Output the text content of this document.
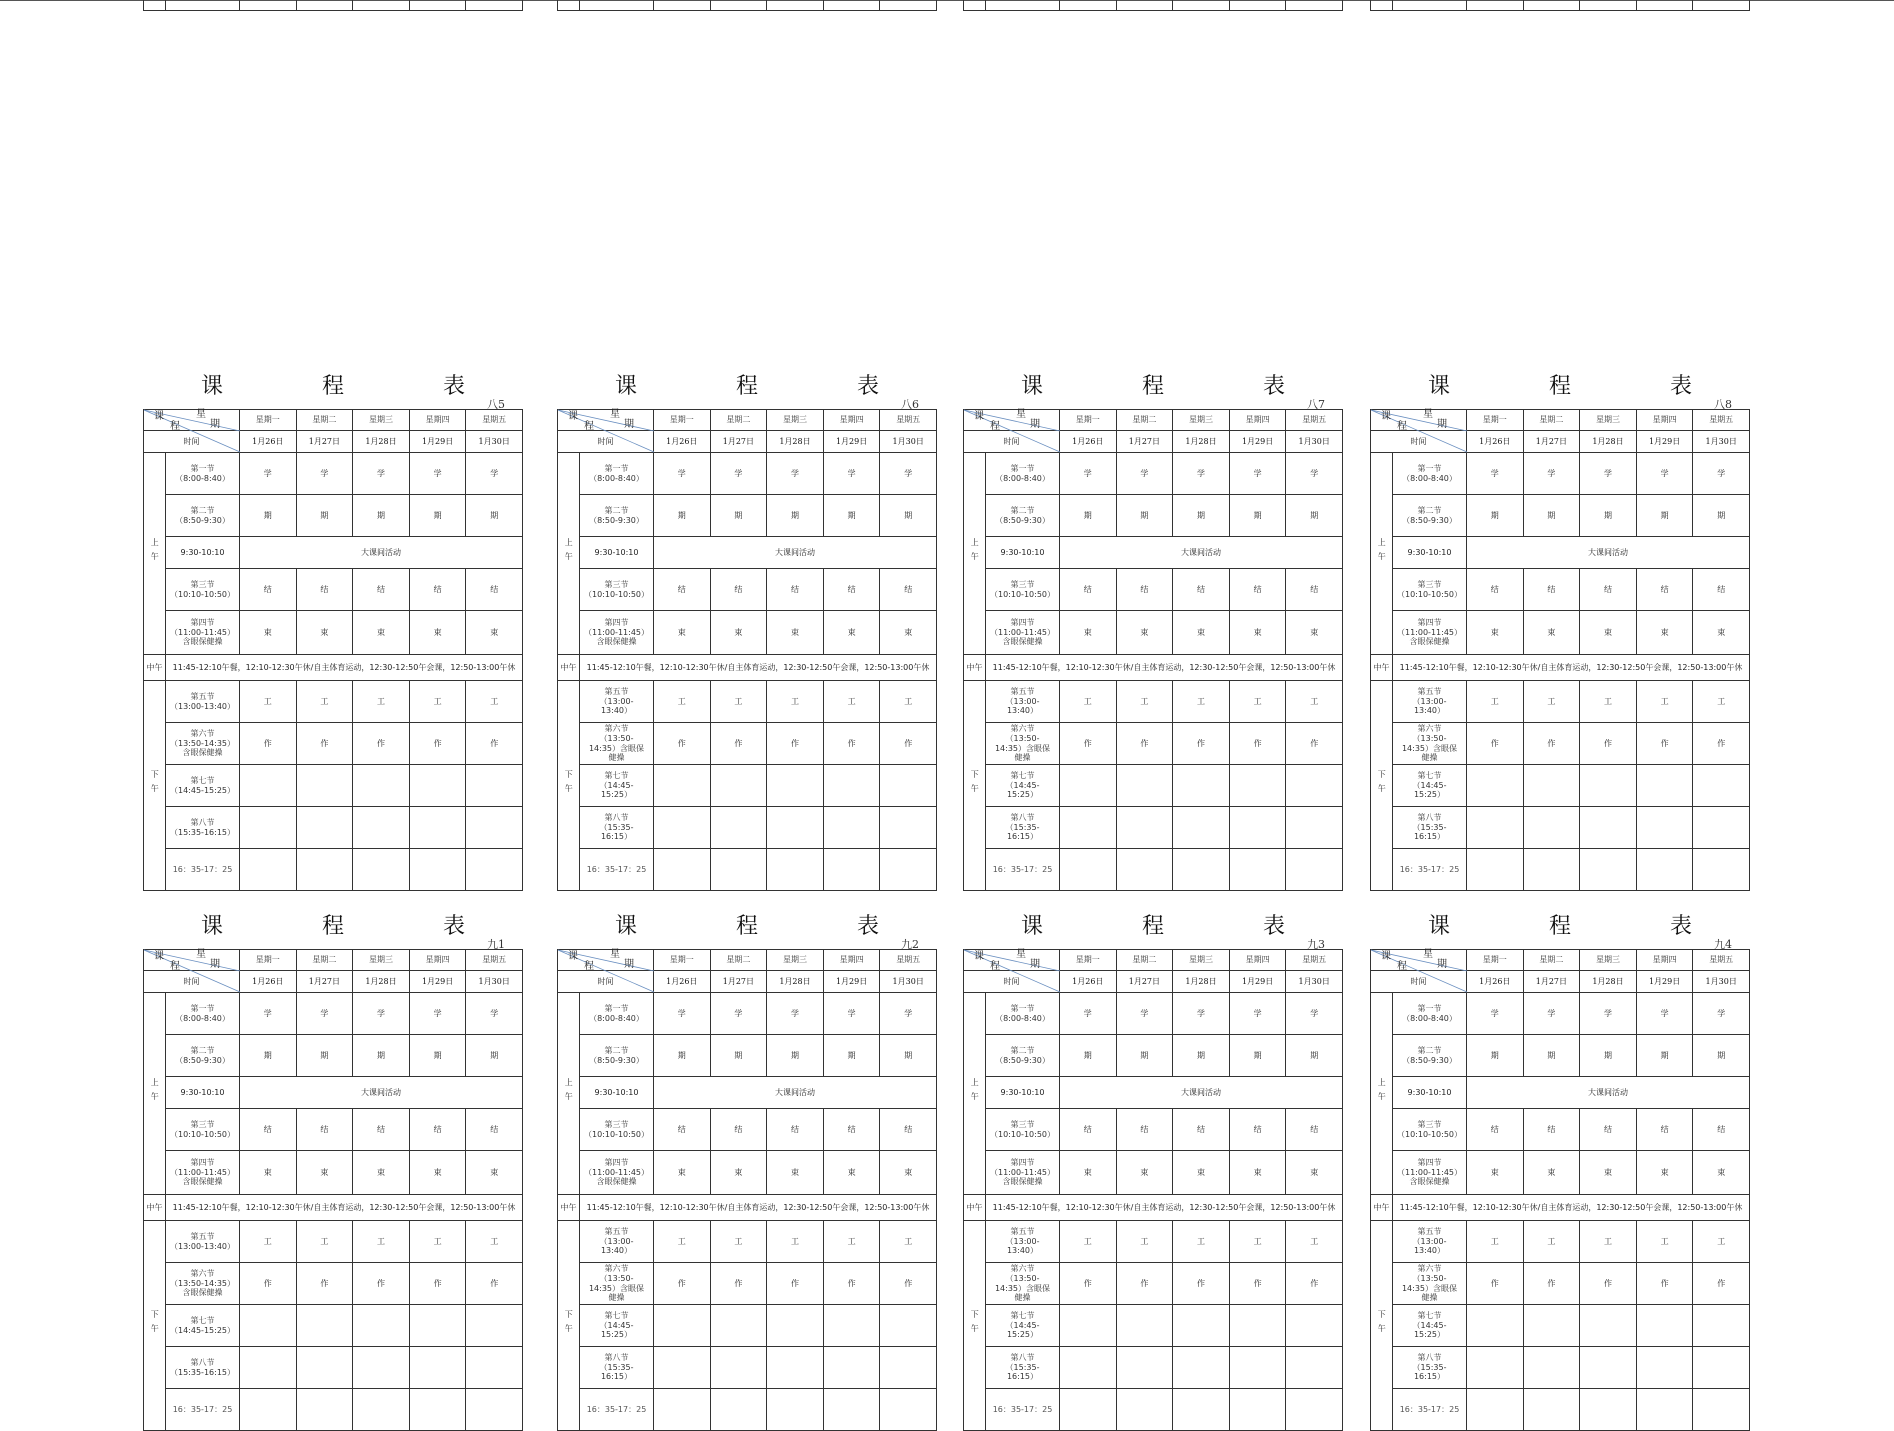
课 程 表
八5
课 星
程 期		星期一	星期二	星期三	星期四	星期五
时间		1月26日	1月27日	1月28日	1月29日	1月30日
上午	第一节
（8:00-8:40）	学	学	学	学	学
	第二节
（8:50-9:30）	期	期	期	期	期
	9:30-10:10	大课间活动				
	第三节
（10:10-10:50）	结	结	结	结	结
	第四节
（11:00-11:45）
含眼保健操	束	束	束	束	束
中午	11:45-12:10午餐，12:10-12:30午休/自主体育运动，12:30-12:50午会课，12:50-13:00午休					
下午	第五节
（13:00-13:40）	工	工	工	工	工
	第六节
（13:50-14:35）
含眼保健操	作	作	作	作	作
	第七节
（14:45-15:25）					
	第八节
（15:35-16:15）					
	16：35-17：25					
课 程 表
八6
课 星
程 期		星期一	星期二	星期三	星期四	星期五
时间		1月26日	1月27日	1月28日	1月29日	1月30日
上午	第一节
（8:00-8:40）	学	学	学	学	学
	第二节
（8:50-9:30）	期	期	期	期	期
	9:30-10:10	大课间活动				
	第三节
（10:10-10:50）	结	结	结	结	结
	第四节
（11:00-11:45）
含眼保健操	束	束	束	束	束
中午	11:45-12:10午餐，12:10-12:30午休/自主体育运动，12:30-12:50午会课，12:50-13:00午休					
下午	第五节
（13:00-
13:40）	工	工	工	工	工
	第六节
（13:50-
14:35）含眼保
健操	作	作	作	作	作
	第七节
（14:45-
15:25）					
	第八节
（15:35-
16:15）					
	16：35-17：25					
课 程 表
八7
课 星
程 期		星期一	星期二	星期三	星期四	星期五
时间		1月26日	1月27日	1月28日	1月29日	1月30日
上午	第一节
（8:00-8:40）	学	学	学	学	学
	第二节
（8:50-9:30）	期	期	期	期	期
	9:30-10:10	大课间活动				
	第三节
（10:10-10:50）	结	结	结	结	结
	第四节
（11:00-11:45）
含眼保健操	束	束	束	束	束
中午	11:45-12:10午餐，12:10-12:30午休/自主体育运动，12:30-12:50午会课，12:50-13:00午休					
下午	第五节
（13:00-
13:40）	工	工	工	工	工
	第六节
（13:50-
14:35）含眼保
健操	作	作	作	作	作
	第七节
（14:45-
15:25）					
	第八节
（15:35-
16:15）					
	16：35-17：25					
课 程 表
八8
课 星
程 期		星期一	星期二	星期三	星期四	星期五
时间		1月26日	1月27日	1月28日	1月29日	1月30日
上午	第一节
（8:00-8:40）	学	学	学	学	学
	第二节
（8:50-9:30）	期	期	期	期	期
	9:30-10:10	大课间活动				
	第三节
（10:10-10:50）	结	结	结	结	结
	第四节
（11:00-11:45）
含眼保健操	束	束	束	束	束
中午	11:45-12:10午餐，12:10-12:30午休/自主体育运动，12:30-12:50午会课，12:50-13:00午休					
下午	第五节
（13:00-
13:40）	工	工	工	工	工
	第六节
（13:50-
14:35）含眼保
健操	作	作	作	作	作
	第七节
（14:45-
15:25）					
	第八节
（15:35-
16:15）					
	16：35-17：25					
课 程 表
九1
课 星
程 期		星期一	星期二	星期三	星期四	星期五
时间		1月26日	1月27日	1月28日	1月29日	1月30日
上午	第一节
（8:00-8:40）	学	学	学	学	学
	第二节
（8:50-9:30）	期	期	期	期	期
	9:30-10:10	大课间活动				
	第三节
（10:10-10:50）	结	结	结	结	结
	第四节
（11:00-11:45）
含眼保健操	束	束	束	束	束
中午	11:45-12:10午餐，12:10-12:30午休/自主体育运动，12:30-12:50午会课，12:50-13:00午休					
下午	第五节
（13:00-13:40）	工	工	工	工	工
	第六节
（13:50-14:35）
含眼保健操	作	作	作	作	作
	第七节
（14:45-15:25）					
	第八节
（15:35-16:15）					
	16：35-17：25					
课 程 表
九2
课 星
程 期		星期一	星期二	星期三	星期四	星期五
时间		1月26日	1月27日	1月28日	1月29日	1月30日
上午	第一节
（8:00-8:40）	学	学	学	学	学
	第二节
（8:50-9:30）	期	期	期	期	期
	9:30-10:10	大课间活动				
	第三节
（10:10-10:50）	结	结	结	结	结
	第四节
（11:00-11:45）
含眼保健操	束	束	束	束	束
中午	11:45-12:10午餐，12:10-12:30午休/自主体育运动，12:30-12:50午会课，12:50-13:00午休					
下午	第五节
（13:00-
13:40）	工	工	工	工	工
	第六节
（13:50-
14:35）含眼保
健操	作	作	作	作	作
	第七节
（14:45-
15:25）					
	第八节
（15:35-
16:15）					
	16：35-17：25					
课 程 表
九3
课 星
程 期		星期一	星期二	星期三	星期四	星期五
时间		1月26日	1月27日	1月28日	1月29日	1月30日
上午	第一节
（8:00-8:40）	学	学	学	学	学
	第二节
（8:50-9:30）	期	期	期	期	期
	9:30-10:10	大课间活动				
	第三节
（10:10-10:50）	结	结	结	结	结
	第四节
（11:00-11:45）
含眼保健操	束	束	束	束	束
中午	11:45-12:10午餐，12:10-12:30午休/自主体育运动，12:30-12:50午会课，12:50-13:00午休					
下午	第五节
（13:00-
13:40）	工	工	工	工	工
	第六节
（13:50-
14:35）含眼保
健操	作	作	作	作	作
	第七节
（14:45-
15:25）					
	第八节
（15:35-
16:15）					
	16：35-17：25					
课 程 表
九4
课 星
程 期		星期一	星期二	星期三	星期四	星期五
时间		1月26日	1月27日	1月28日	1月29日	1月30日
上午	第一节
（8:00-8:40）	学	学	学	学	学
	第二节
（8:50-9:30）	期	期	期	期	期
	9:30-10:10	大课间活动				
	第三节
（10:10-10:50）	结	结	结	结	结
	第四节
（11:00-11:45）
含眼保健操	束	束	束	束	束
中午	11:45-12:10午餐，12:10-12:30午休/自主体育运动，12:30-12:50午会课，12:50-13:00午休					
下午	第五节
（13:00-
13:40）	工	工	工	工	工
	第六节
（13:50-
14:35）含眼保
健操	作	作	作	作	作
	第七节
（14:45-
15:25）					
	第八节
（15:35-
16:15）					
	16：35-17：25					
